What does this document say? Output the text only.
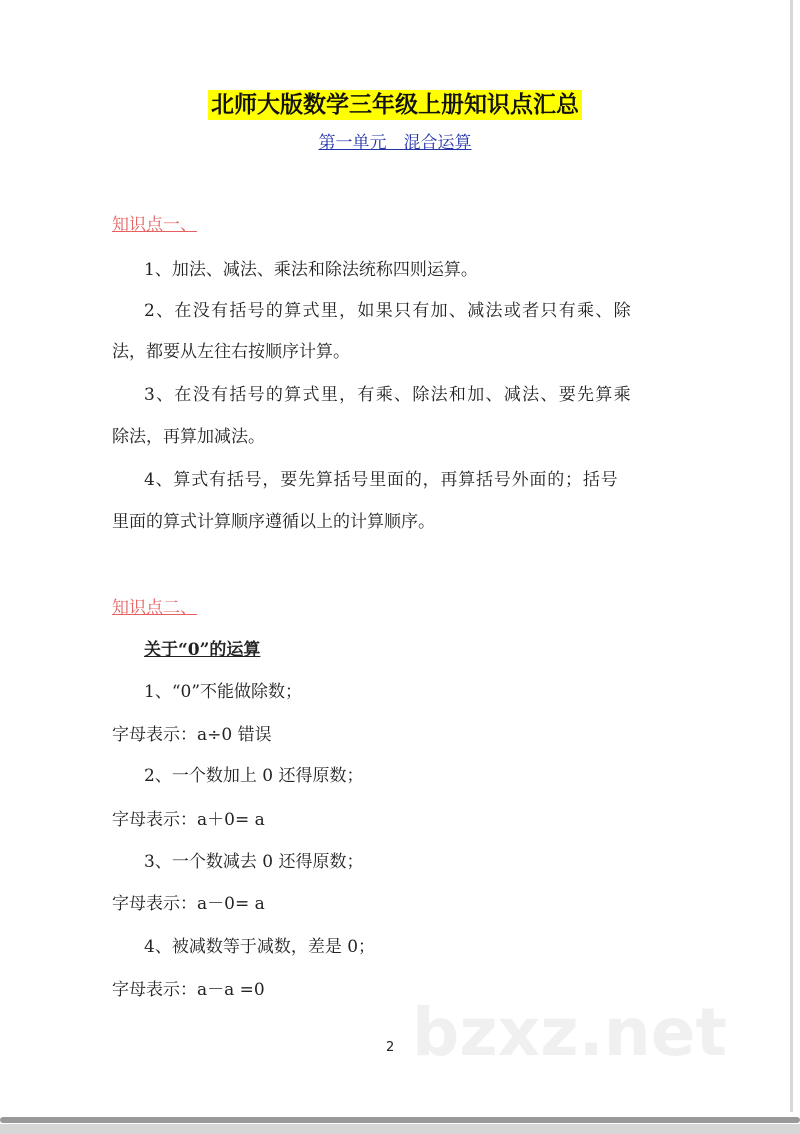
北师大版数学三年级上册知识点汇总
第一单元　混合运算
知识点一、
1、加法、减法、乘法和除法统称四则运算。
2、在没有括号的算式里，如果只有加、减法或者只有乘、除
法，都要从左往右按顺序计算。
3、在没有括号的算式里，有乘、除法和加、减法、要先算乘
除法，再算加减法。
4、算式有括号，要先算括号里面的，再算括号外面的；括号
里面的算式计算顺序遵循以上的计算顺序。
知识点二、
关于“0”的运算
1、“0”不能做除数；
字母表示：a÷0 错误
2、一个数加上 0 还得原数；
字母表示：a＋0= a
3、一个数减去 0 还得原数；
字母表示：a－0= a
4、被减数等于减数，差是 0；
字母表示：a－a =0
bzxz.net
2
